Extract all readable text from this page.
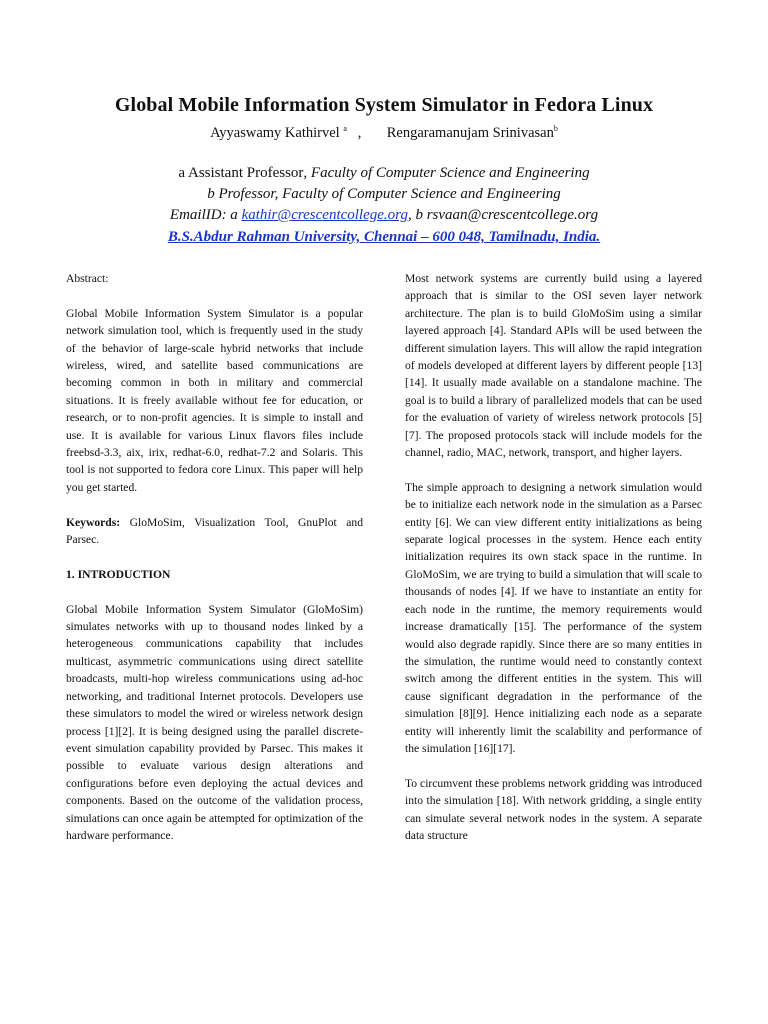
Global Mobile Information System Simulator in Fedora Linux
Ayyaswamy Kathirvel $^a$ , Rengaramanujam Srinivasan$^b$
a Assistant Professor, Faculty of Computer Science and Engineering
b Professor, Faculty of Computer Science and Engineering
EmailID: a kathir@crescentcollege.org, b rsvaan@crescentcollege.org
B.S.Abdur Rahman University, Chennai – 600 048, Tamilnadu, India.

Abstract:

Global Mobile Information System Simulator is a popular network simulation tool, which is frequently used in the study of the behavior of large-scale hybrid networks that include wireless, wired, and satellite based communications are becoming common in both in military and commercial situations. It is freely available without fee for education, or research, or to non-profit agencies. It is simple to install and use. It is available for various Linux flavors files include freebsd-3.3, aix, irix, redhat-6.0, redhat-7.2 and Solaris. This tool is not supported to fedora core Linux. This paper will help you get started.

Keywords: GloMoSim, Visualization Tool, GnuPlot and Parsec.

1. INTRODUCTION

Global Mobile Information System Simulator (GloMoSim) simulates networks with up to thousand nodes linked by a heterogeneous communications capability that includes multicast, asymmetric communications using direct satellite broadcasts, multi-hop wireless communications using ad-hoc networking, and traditional Internet protocols. Developers use these simulators to model the wired or wireless network design process [1][2]. It is being designed using the parallel discrete-event simulation capability provided by Parsec. This makes it possible to evaluate various design alterations and configurations before even deploying the actual devices and components. Based on the outcome of the validation process, simulations can once again be attempted for optimization of the hardware performance.

Most network systems are currently build using a layered approach that is similar to the OSI seven layer network architecture. The plan is to build GloMoSim using a similar layered approach [4]. Standard APIs will be used between the different simulation layers. This will allow the rapid integration of models developed at different layers by different people [13][14]. It usually made available on a standalone machine. The goal is to build a library of parallelized models that can be used for the evaluation of variety of wireless network protocols [5][7]. The proposed protocols stack will include models for the channel, radio, MAC, network, transport, and higher layers.

The simple approach to designing a network simulation would be to initialize each network node in the simulation as a Parsec entity [6]. We can view different entity initializations as being separate logical processes in the system. Hence each entity initialization requires its own stack space in the runtime. In GloMoSim, we are trying to build a simulation that will scale to thousands of nodes [4]. If we have to instantiate an entity for each node in the runtime, the memory requirements would increase dramatically [15]. The performance of the system would also degrade rapidly. Since there are so many entities in the simulation, the runtime would need to constantly context switch among the different entities in the system. This will cause significant degradation in the performance of the simulation [8][9]. Hence initializing each node as a separate entity will inherently limit the scalability and performance of the simulation [16][17].

To circumvent these problems network gridding was introduced into the simulation [18]. With network gridding, a single entity can simulate several network nodes in the system. A separate data structure
